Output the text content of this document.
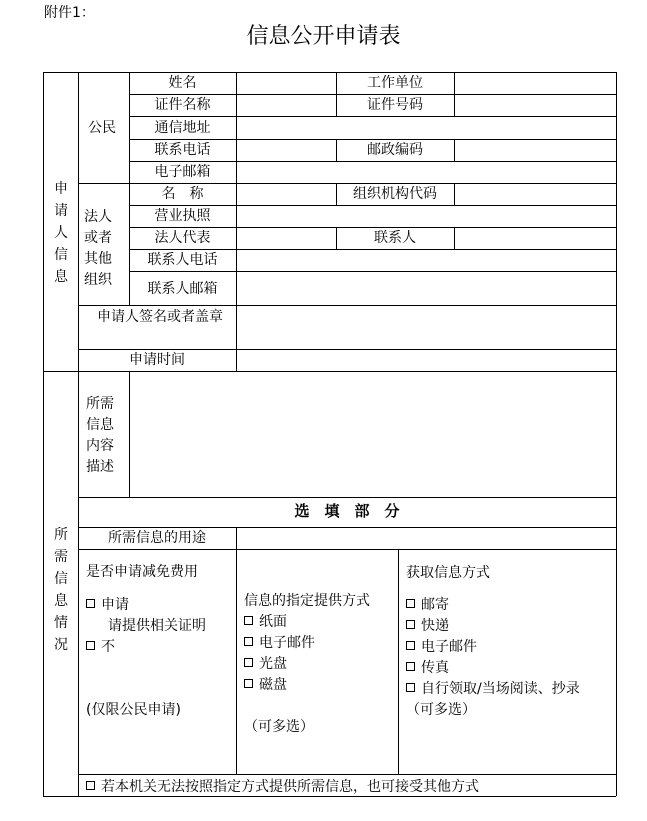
附件1：
信息公开申请表
申请人信息
公民
姓名	工作单位
证件名称	证件号码
通信地址
联系电话	邮政编码
电子邮箱
法人或者其他组织
名　称	组织机构代码
营业执照
法人代表	联系人
联系人电话
联系人邮箱
申请人签名或者盖章
申请时间
所需信息情况
所需信息内容描述
选　填　部　分
所需信息的用途
是否申请减免费用
申请
请提供相关证明
不
(仅限公民申请)
信息的指定提供方式
纸面
电子邮件
光盘
磁盘
（可多选）
获取信息方式
邮寄
快递
电子邮件
传真
自行领取/当场阅读、抄录
（可多选）
若本机关无法按照指定方式提供所需信息，也可接受其他方式
